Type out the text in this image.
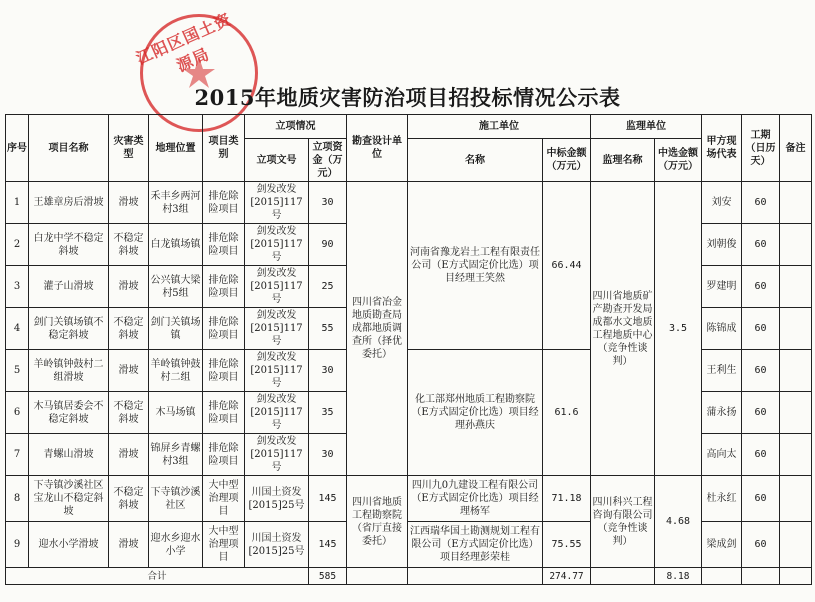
江阳区国土资源局
2015年地质灾害防治项目招投标情况公示表
序号	项目名称	灾害类型	地理位置	项目类别	立项情况		勘查设计单位	施工单位		监理单位		甲方现场代表	工期（日历天）	备注
					立项文号	立项资金（万元）		名称	中标金额（万元）	监理名称	中选金额（万元）			
1	王雄章房后滑坡	滑坡	禾丰乡两河村3组	排危除险项目	剑发改发[2015]117号	30	四川省冶金地质勘查局成都地质调查所（择优委托）	河南省豫龙岩土工程有限责任公司（E方式固定价比选）项目经理王笑然	66.44	四川省地质矿产勘查开发局成都水文地质工程地质中心（竞争性谈判）	3.5	刘安	60	
2	白龙中学不稳定斜坡	不稳定斜坡	白龙镇场镇	排危除险项目	剑发改发[2015]117号	90						刘朝俊	60	
3	灌子山滑坡	滑坡	公兴镇大梁村5组	排危除险项目	剑发改发[2015]117号	25						罗建明	60	
4	剑门关镇场镇不稳定斜坡	不稳定斜坡	剑门关镇场镇	排危除险项目	剑发改发[2015]117号	55						陈锦成	60	
5	羊岭镇钟鼓村二组滑坡	滑坡	羊岭镇钟鼓村二组	排危除险项目	剑发改发[2015]117号	30		化工部郑州地质工程勘察院（E方式固定价比选）项目经理孙燕庆	61.6			王利生	60	
6	木马镇居委会不稳定斜坡	不稳定斜坡	木马场镇	排危除险项目	剑发改发[2015]117号	35						蒲永扬	60	
7	青螺山滑坡	滑坡	锦屏乡青螺村3组	排危除险项目	剑发改发[2015]117号	30						高向太	60	
8	下寺镇沙溪社区宝龙山不稳定斜坡	不稳定斜坡	下寺镇沙溪社区	大中型治理项目	川国土资发[2015]25号	145	四川省地质工程勘察院（省厅直接委托）	四川九0九建设工程有限公司（E方式固定价比选）项目经理杨军	71.18	四川科兴工程咨询有限公司（竞争性谈判）	4.68	杜永红	60	
9	迎水小学滑坡	滑坡	迎水乡迎水小学	大中型治理项目	川国土资发[2015]25号	145		江西瑞华国土勘测规划工程有限公司（E方式固定价比选）项目经理彭荣桂	75.55			梁成剑	60	
合计						585			274.77		8.18			
